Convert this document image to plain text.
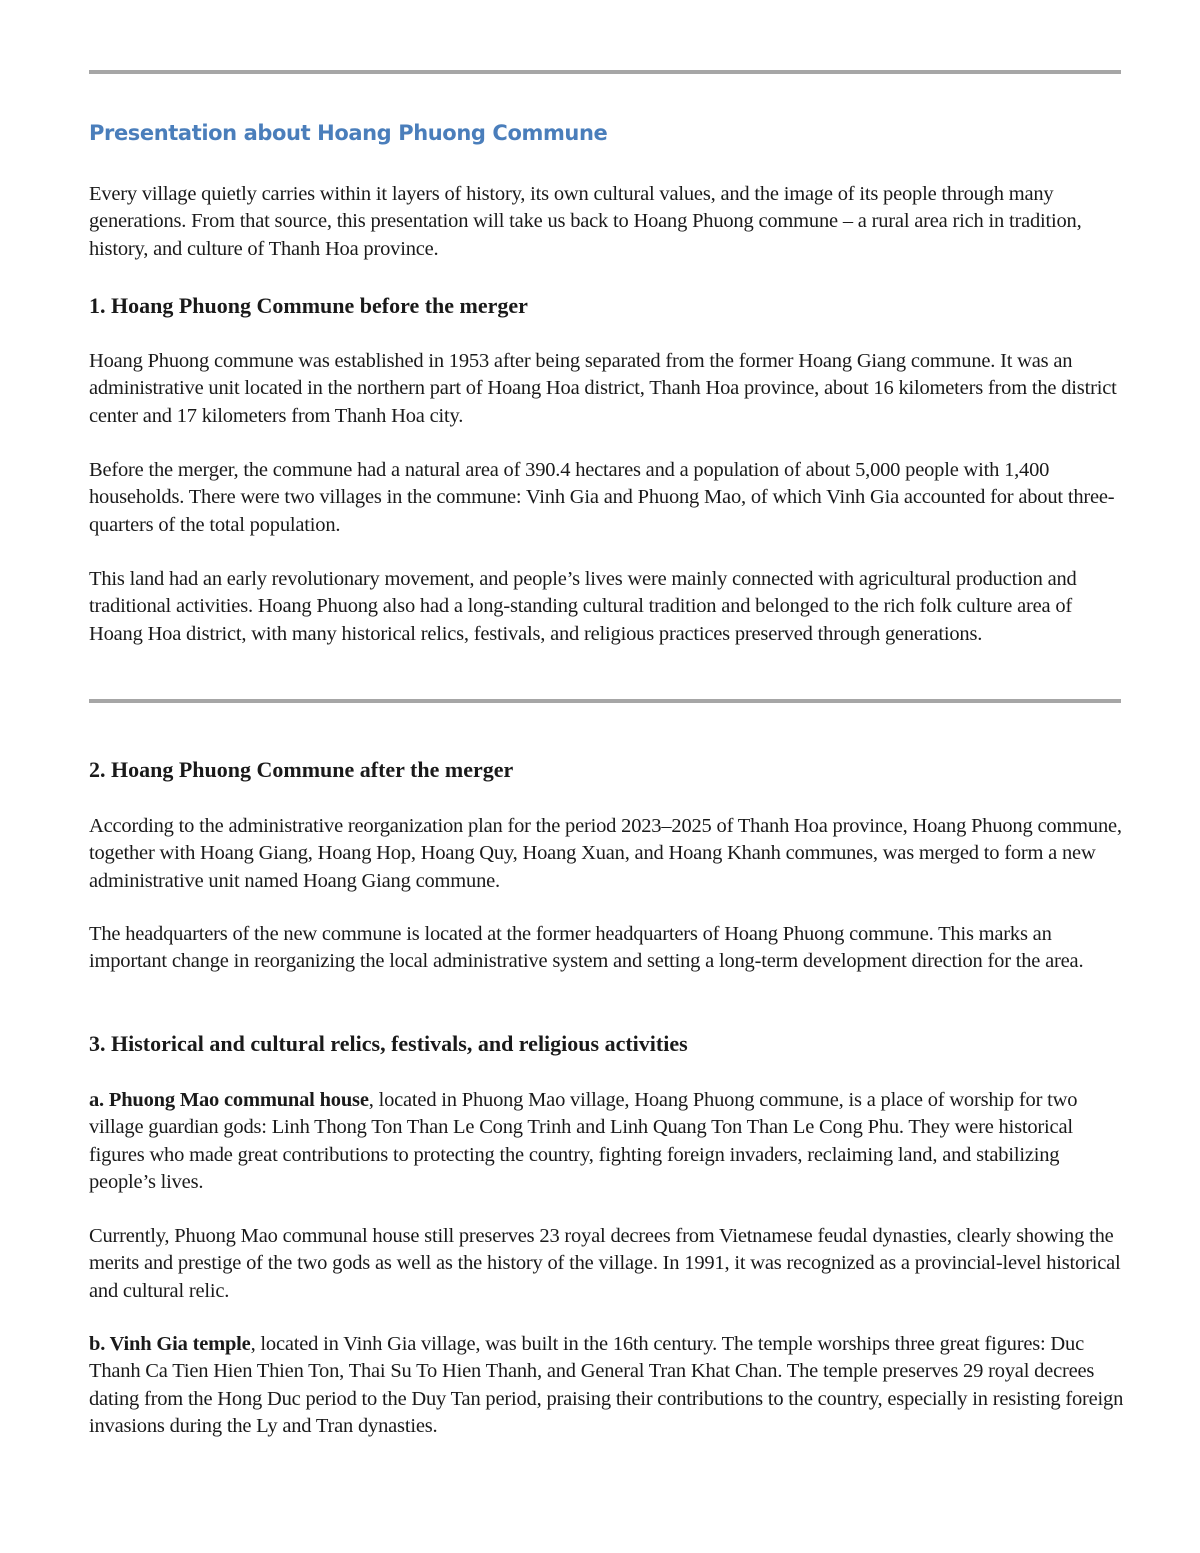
Presentation about Hoang Phuong Commune

Every village quietly carries within it layers of history, its own cultural values, and the image of its people through many generations. From that source, this presentation will take us back to Hoang Phuong commune – a rural area rich in tradition, history, and culture of Thanh Hoa province.

1. Hoang Phuong Commune before the merger

Hoang Phuong commune was established in 1953 after being separated from the former Hoang Giang commune. It was an administrative unit located in the northern part of Hoang Hoa district, Thanh Hoa province, about 16 kilometers from the district center and 17 kilometers from Thanh Hoa city.

Before the merger, the commune had a natural area of 390.4 hectares and a population of about 5,000 people with 1,400 households. There were two villages in the commune: Vinh Gia and Phuong Mao, of which Vinh Gia accounted for about three-quarters of the total population.

This land had an early revolutionary movement, and people’s lives were mainly connected with agricultural production and traditional activities. Hoang Phuong also had a long-standing cultural tradition and belonged to the rich folk culture area of Hoang Hoa district, with many historical relics, festivals, and religious practices preserved through generations.

2. Hoang Phuong Commune after the merger

According to the administrative reorganization plan for the period 2023–2025 of Thanh Hoa province, Hoang Phuong commune, together with Hoang Giang, Hoang Hop, Hoang Quy, Hoang Xuan, and Hoang Khanh communes, was merged to form a new administrative unit named Hoang Giang commune.

The headquarters of the new commune is located at the former headquarters of Hoang Phuong commune. This marks an important change in reorganizing the local administrative system and setting a long-term development direction for the area.

3. Historical and cultural relics, festivals, and religious activities

a. Phuong Mao communal house, located in Phuong Mao village, Hoang Phuong commune, is a place of worship for two village guardian gods: Linh Thong Ton Than Le Cong Trinh and Linh Quang Ton Than Le Cong Phu. They were historical figures who made great contributions to protecting the country, fighting foreign invaders, reclaiming land, and stabilizing people’s lives.

Currently, Phuong Mao communal house still preserves 23 royal decrees from Vietnamese feudal dynasties, clearly showing the merits and prestige of the two gods as well as the history of the village. In 1991, it was recognized as a provincial-level historical and cultural relic.

b. Vinh Gia temple, located in Vinh Gia village, was built in the 16th century. The temple worships three great figures: Duc Thanh Ca Tien Hien Thien Ton, Thai Su To Hien Thanh, and General Tran Khat Chan. The temple preserves 29 royal decrees dating from the Hong Duc period to the Duy Tan period, praising their contributions to the country, especially in resisting foreign invasions during the Ly and Tran dynasties.
